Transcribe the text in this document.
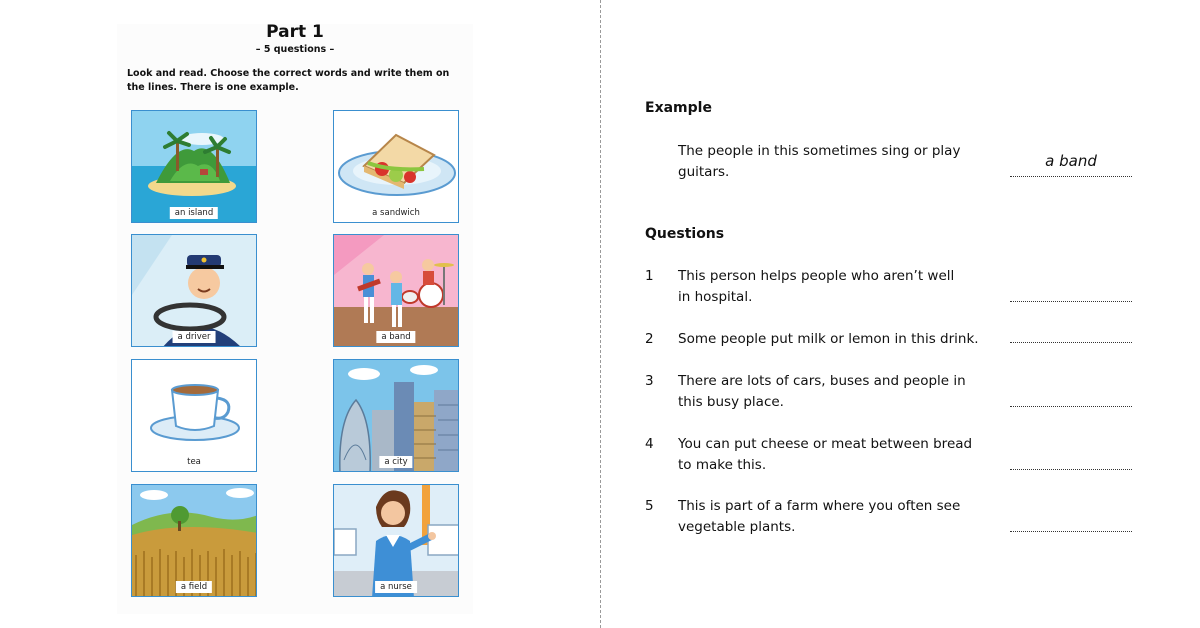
Part 1
– 5 questions –
Look and read. Choose the correct words and write them on the lines. There is one example.
an island	a sandwich
a driver	a band
tea	a city
a field	a nurse
Example
The people in this sometimes sing or play
guitars.
a band
Questions
1 This person helps people who aren’t well
in hospital.
2 Some people put milk or lemon in this drink.
3 There are lots of cars, buses and people in
this busy place.
4 You can put cheese or meat between bread
to make this.
5 This is part of a farm where you often see
vegetable plants.
